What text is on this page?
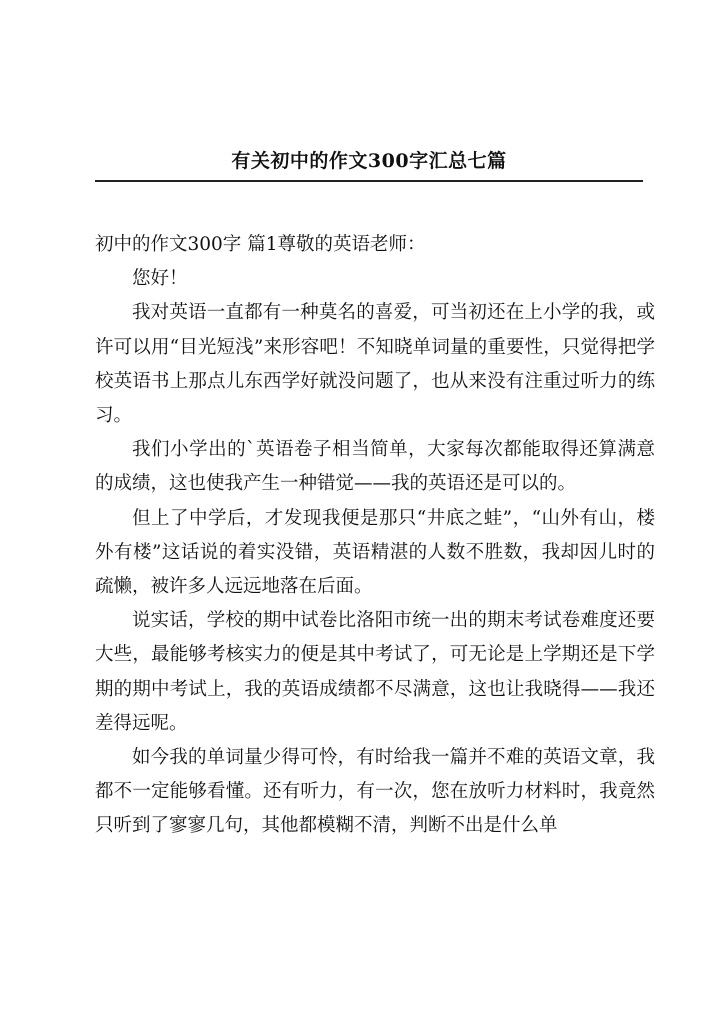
有关初中的作文300字汇总七篇

初中的作文300字 篇1尊敬的英语老师：

您好！

我对英语一直都有一种莫名的喜爱，可当初还在上小学的我，或许可以用“目光短浅”来形容吧！不知晓单词量的重要性，只觉得把学校英语书上那点儿东西学好就没问题了，也从来没有注重过听力的练习。

我们小学出的`英语卷子相当简单，大家每次都能取得还算满意的成绩，这也使我产生一种错觉——我的英语还是可以的。

但上了中学后，才发现我便是那只“井底之蛙”，“山外有山，楼外有楼”这话说的着实没错，英语精湛的人数不胜数，我却因儿时的疏懒，被许多人远远地落在后面。

说实话，学校的期中试卷比洛阳市统一出的期末考试卷难度还要大些，最能够考核实力的便是其中考试了，可无论是上学期还是下学期的期中考试上，我的英语成绩都不尽满意，这也让我晓得——我还差得远呢。

如今我的单词量少得可怜，有时给我一篇并不难的英语文章，我都不一定能够看懂。还有听力，有一次，您在放听力材料时，我竟然只听到了寥寥几句，其他都模糊不清，判断不出是什么单
